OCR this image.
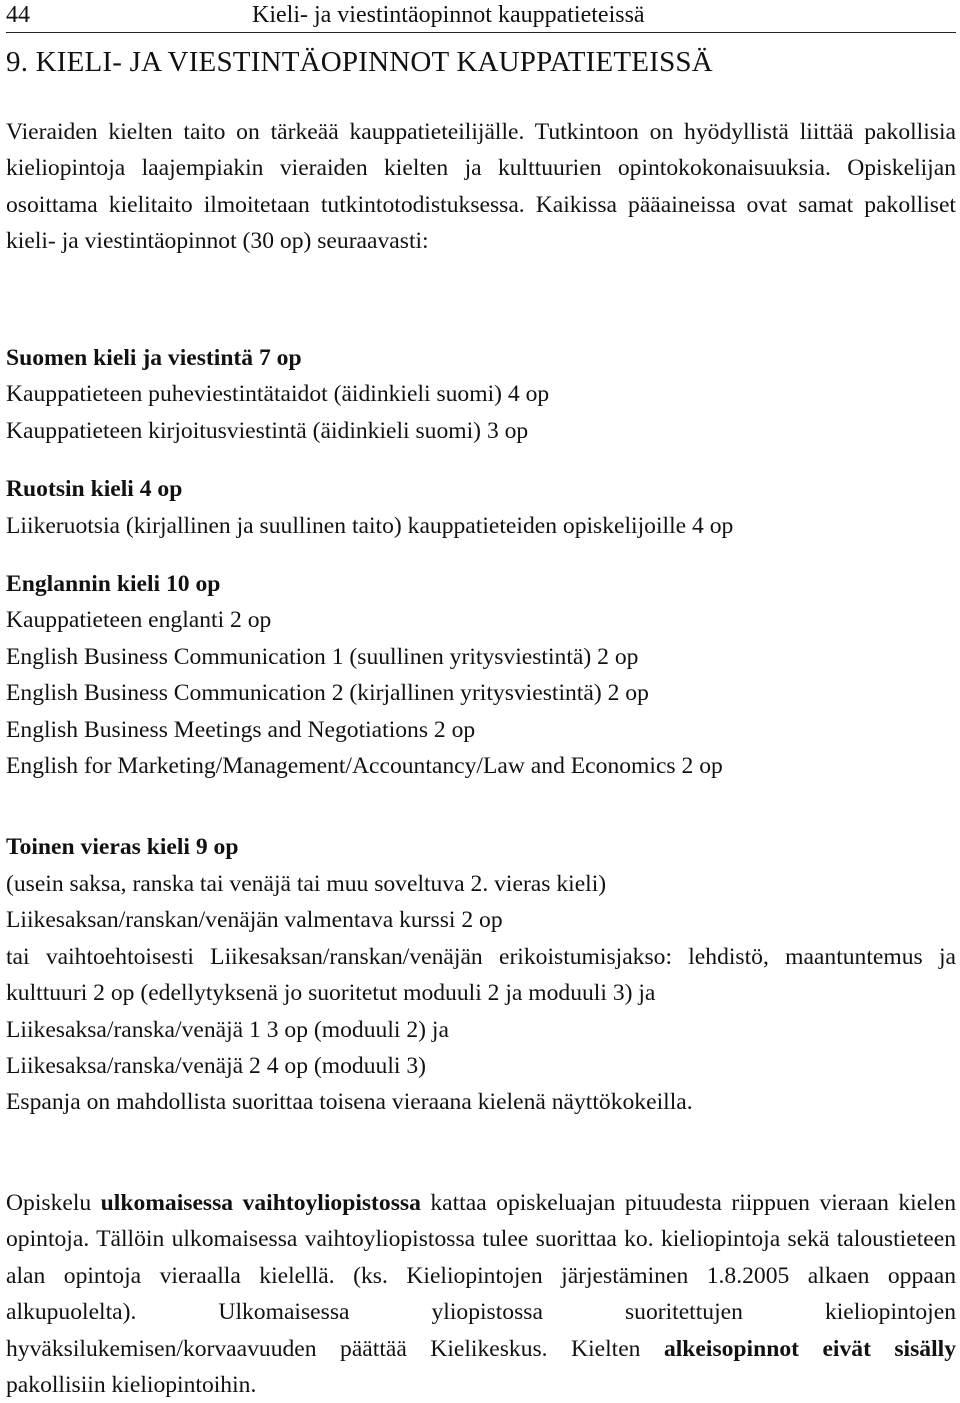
44	Kieli- ja viestintäopinnot kauppatieteissä
9. KIELI- JA VIESTINTÄOPINNOT KAUPPATIETEISSÄ

Vieraiden kielten taito on tärkeää kauppatieteilijälle. Tutkintoon on hyödyllistä liittää pakollisia kieliopintoja laajempiakin vieraiden kielten ja kulttuurien opintokokonaisuuksia. Opiskelijan osoittama kielitaito ilmoitetaan tutkintotodistuksessa. Kaikissa pääaineissa ovat samat pakolliset kieli- ja viestintäopinnot (30 op) seuraavasti:

Suomen kieli ja viestintä 7 op
Kauppatieteen puheviestintätaidot (äidinkieli suomi) 4 op
Kauppatieteen kirjoitusviestintä (äidinkieli suomi) 3 op
Ruotsin kieli 4 op
Liikeruotsia (kirjallinen ja suullinen taito) kauppatieteiden opiskelijoille 4 op
Englannin kieli 10 op
Kauppatieteen englanti 2 op
English Business Communication 1 (suullinen yritysviestintä) 2 op
English Business Communication 2 (kirjallinen yritysviestintä) 2 op
English Business Meetings and Negotiations 2 op
English for Marketing/Management/Accountancy/Law and Economics 2 op
Toinen vieras kieli 9 op
(usein saksa, ranska tai venäjä tai muu soveltuva 2. vieras kieli)
Liikesaksan/ranskan/venäjän valmentava kurssi 2 op
tai vaihtoehtoisesti Liikesaksan/ranskan/venäjän erikoistumisjakso: lehdistö, maantuntemus ja kulttuuri 2 op (edellytyksenä jo suoritetut moduuli 2 ja moduuli 3) ja
Liikesaksa/ranska/venäjä 1 3 op (moduuli 2) ja
Liikesaksa/ranska/venäjä 2 4 op (moduuli 3)
Espanja on mahdollista suorittaa toisena vieraana kielenä näyttökokeilla.

Opiskelu ulkomaisessa vaihtoyliopistossa kattaa opiskeluajan pituudesta riippuen vieraan kielen opintoja. Tällöin ulkomaisessa vaihtoyliopistossa tulee suorittaa ko. kieliopintoja sekä taloustieteen alan opintoja vieraalla kielellä. (ks. Kieliopintojen järjestäminen 1.8.2005 alkaen oppaan alkupuolelta). Ulkomaisessa yliopistossa suoritettujen kieliopintojen hyväksilukemisen/korvaavuuden päättää Kielikeskus. Kielten alkeisopinnot eivät sisälly pakollisiin kieliopintoihin.
